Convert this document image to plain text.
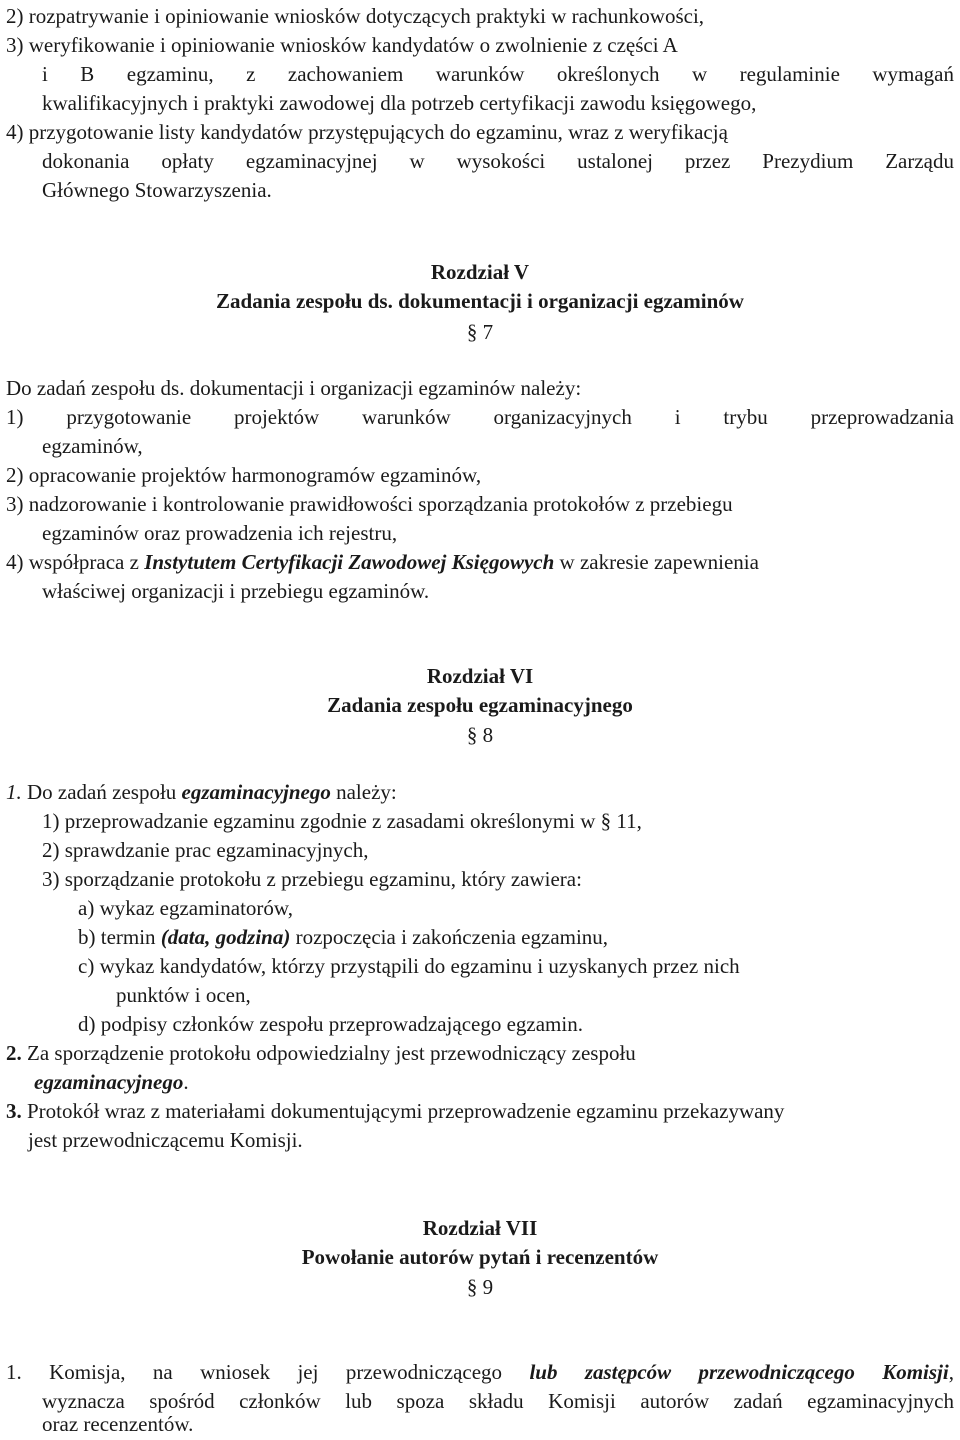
2) rozpatrywanie i opiniowanie wniosków dotyczących praktyki w rachunkowości,
3) weryfikowanie i opiniowanie wniosków kandydatów o zwolnienie z części A
i B egzaminu, z zachowaniem warunków określonych w regulaminie wymagań
kwalifikacyjnych i praktyki zawodowej dla potrzeb certyfikacji zawodu księgowego,
4) przygotowanie listy kandydatów przystępujących do egzaminu, wraz z weryfikacją
dokonania opłaty egzaminacyjnej w wysokości ustalonej przez Prezydium Zarządu
Głównego Stowarzyszenia.
Rozdział V
Zadania zespołu ds. dokumentacji i organizacji egzaminów
§ 7
Do zadań zespołu ds. dokumentacji i organizacji egzaminów należy:
1) przygotowanie projektów warunków organizacyjnych i trybu przeprowadzania
egzaminów,
2) opracowanie projektów harmonogramów egzaminów,
3) nadzorowanie i kontrolowanie prawidłowości sporządzania protokołów z przebiegu
egzaminów oraz prowadzenia ich rejestru,
4) współpraca z Instytutem Certyfikacji Zawodowej Księgowych w zakresie zapewnienia
właściwej organizacji i przebiegu egzaminów.
Rozdział VI
Zadania zespołu egzaminacyjnego
§ 8
1. Do zadań zespołu egzaminacyjnego należy:
1) przeprowadzanie egzaminu zgodnie z zasadami określonymi w § 11,
2) sprawdzanie prac egzaminacyjnych,
3) sporządzanie protokołu z przebiegu egzaminu, który zawiera:
a) wykaz egzaminatorów,
b) termin (data, godzina) rozpoczęcia i zakończenia egzaminu,
c) wykaz kandydatów, którzy przystąpili do egzaminu i uzyskanych przez nich
punktów i ocen,
d) podpisy członków zespołu przeprowadzającego egzamin.
2. Za sporządzenie protokołu odpowiedzialny jest przewodniczący zespołu
egzaminacyjnego.
3. Protokół wraz z materiałami dokumentującymi przeprowadzenie egzaminu przekazywany
jest przewodniczącemu Komisji.
Rozdział VII
Powołanie autorów pytań i recenzentów
§ 9
1. Komisja, na wniosek jej przewodniczącego lub zastępców przewodniczącego Komisji,
wyznacza spośród członków lub spoza składu Komisji autorów zadań egzaminacyjnych
oraz recenzentów.
